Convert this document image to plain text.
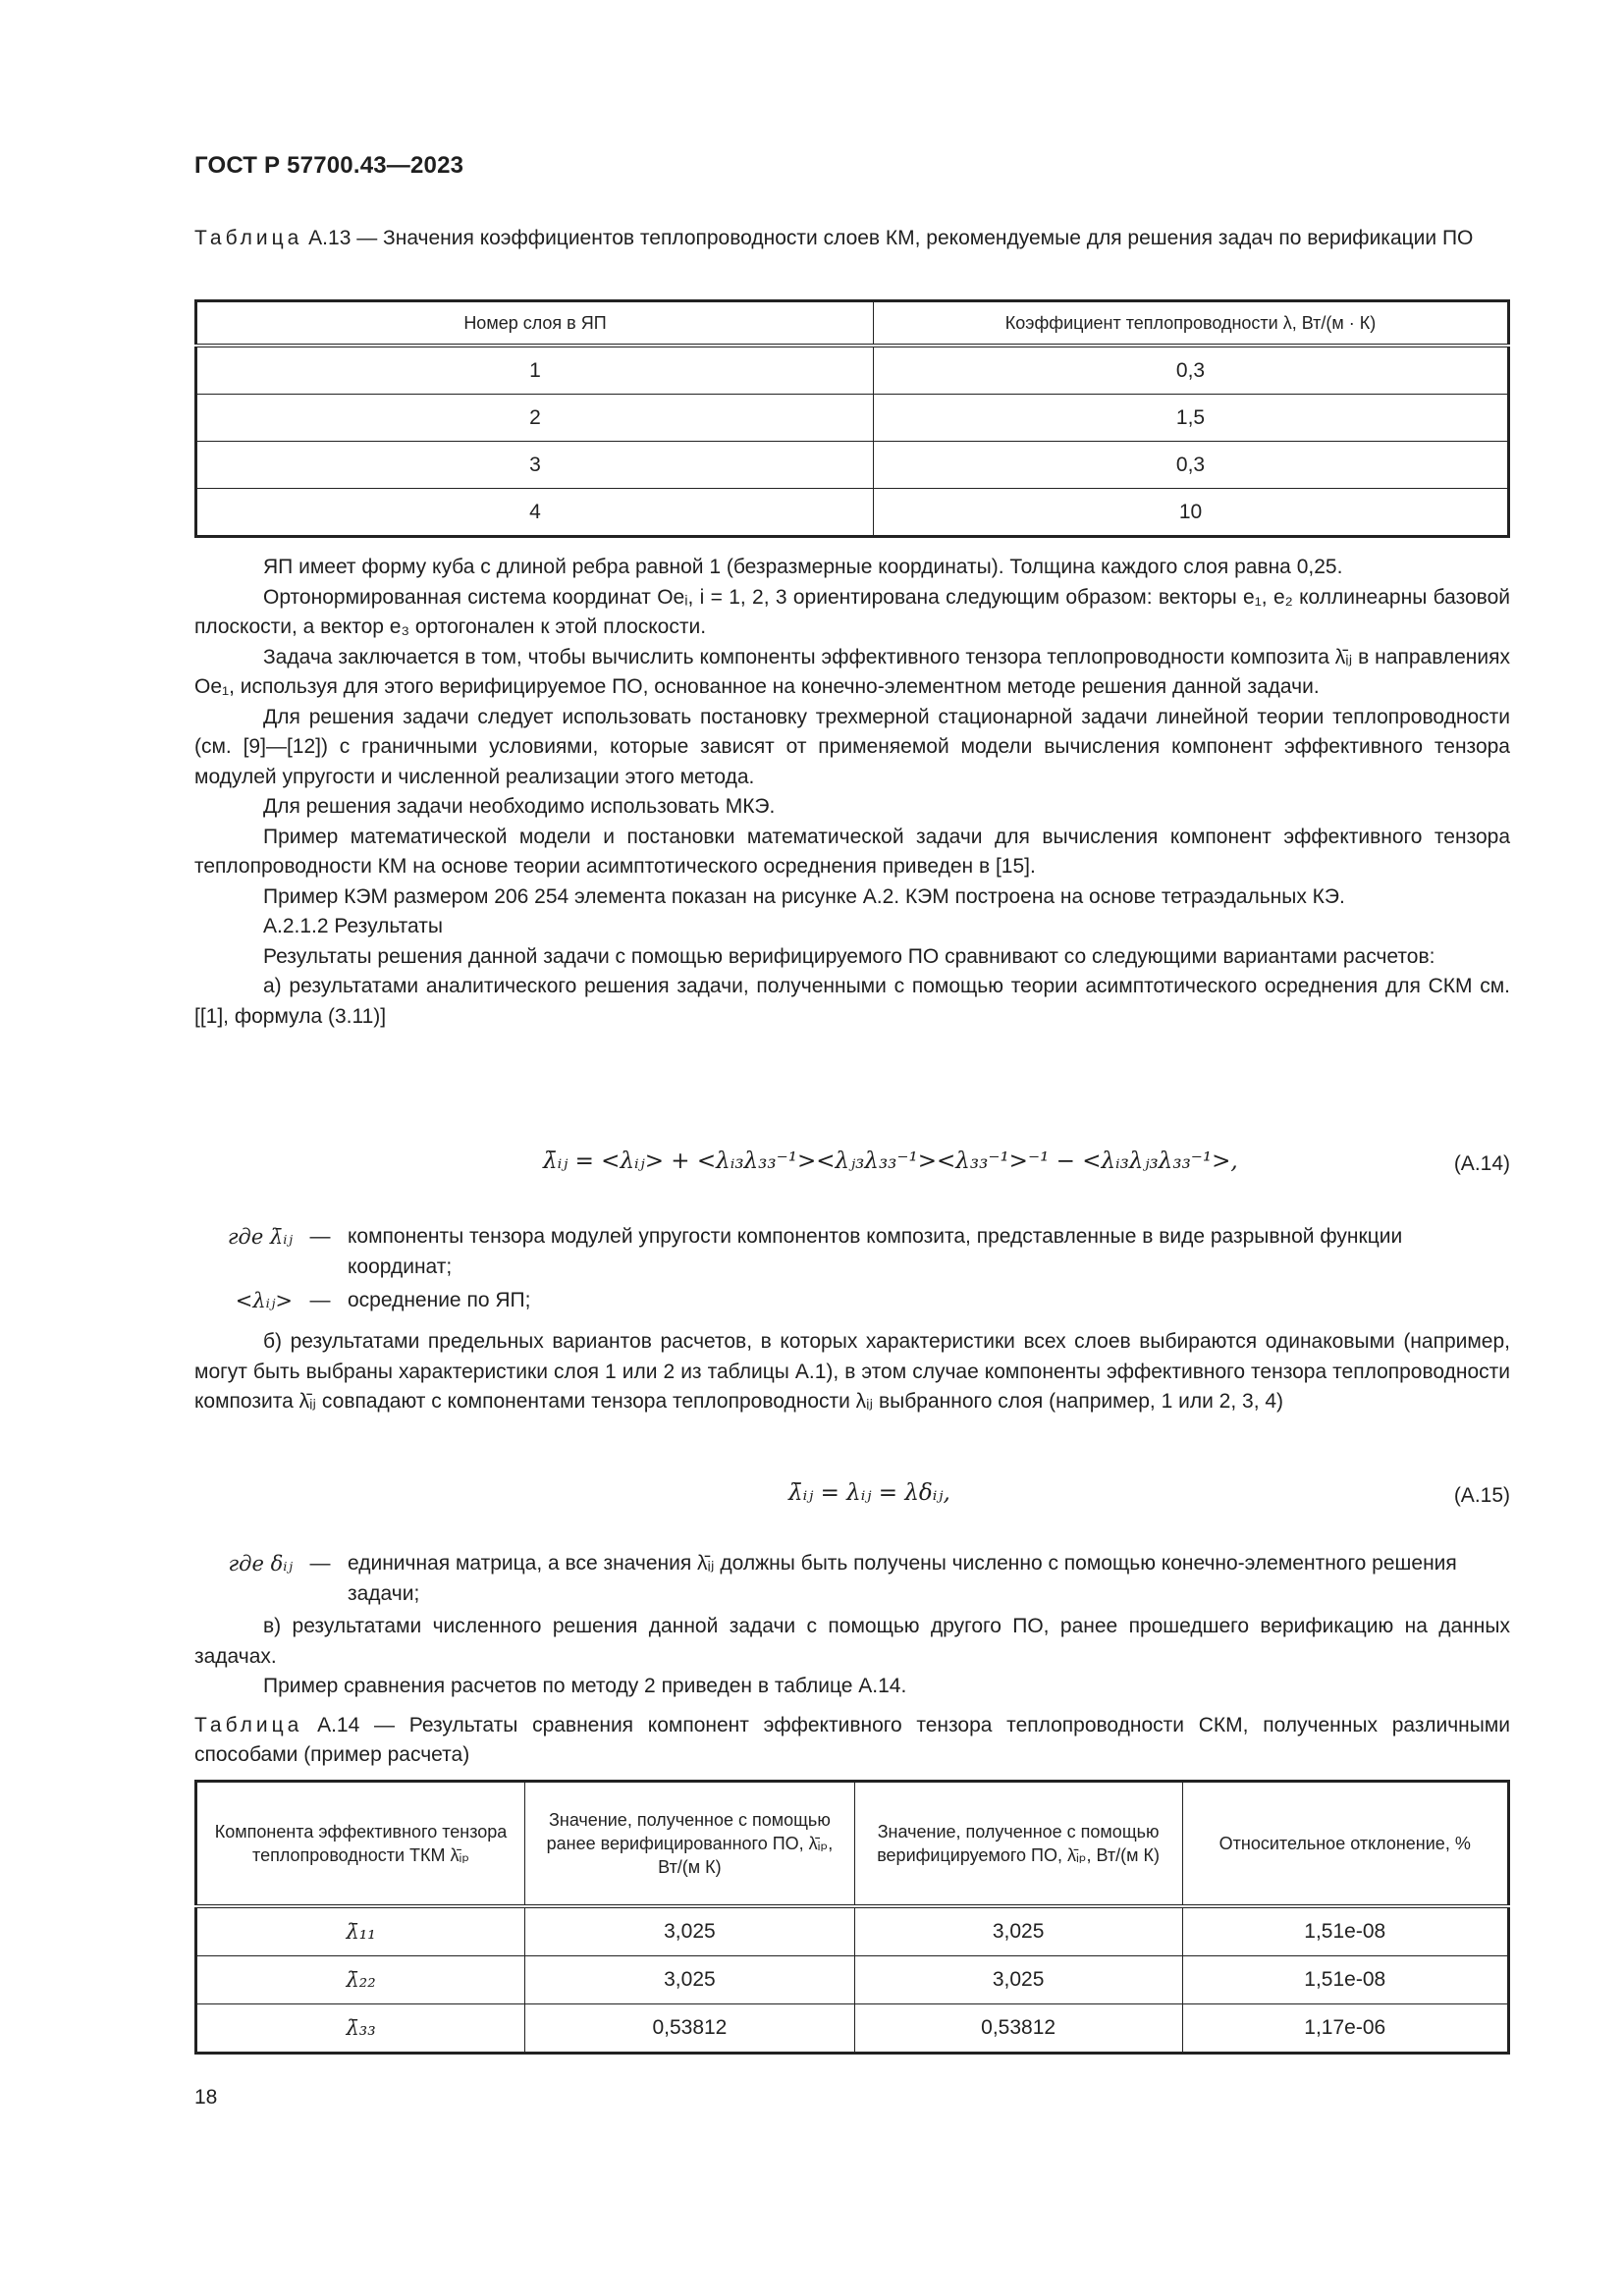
ГОСТ Р 57700.43—2023
Таблица А.13 — Значения коэффициентов теплопроводности слоев КМ, рекомендуемые для решения задач по верификации ПО
Номер слоя в ЯП	Коэффициент теплопроводности λ, Вт/(м · К)
1	0,3
2	1,5
3	0,3
4	10

ЯП имеет форму куба с длиной ребра равной 1 (безразмерные координаты). Толщина каждого слоя равна 0,25.

Ортонормированная система координат Oeᵢ, i = 1, 2, 3 ориентирована следующим образом: векторы e₁, e₂ коллинеарны базовой плоскости, а вектор e₃ ортогонален к этой плоскости.

Задача заключается в том, чтобы вычислить компоненты эффективного тензора теплопроводности композита λ̄ᵢⱼ в направлениях Oe₁, используя для этого верифицируемое ПО, основанное на конечно-элементном методе решения данной задачи.

Для решения задачи следует использовать постановку трехмерной стационарной задачи линейной теории теплопроводности (см. [9]—[12]) с граничными условиями, которые зависят от применяемой модели вычисления компонент эффективного тензора модулей упругости и численной реализации этого метода.

Для решения задачи необходимо использовать МКЭ.

Пример математической модели и постановки математической задачи для вычисления компонент эффективного тензора теплопроводности КМ на основе теории асимптотического осреднения приведен в [15].

Пример КЭМ размером 206 254 элемента показан на рисунке А.2. КЭМ построена на основе тетраэдальных КЭ.

А.2.1.2 Результаты

Результаты решения данной задачи с помощью верифицируемого ПО сравнивают со следующими вариантами расчетов:

а) результатами аналитического решения задачи, полученными с помощью теории асимптотического осреднения для СКМ см. [[1], формула (3.11)]

λ̄ᵢⱼ = <λᵢⱼ> + <λᵢ₃λ₃₃⁻¹><λⱼ₃λ₃₃⁻¹><λ₃₃⁻¹>⁻¹ − <λᵢ₃λⱼ₃λ₃₃⁻¹>,	(А.14)
где λ̄ᵢⱼ — компоненты тензора модулей упругости компонентов композита, представленные в виде разрывной функции координат;
<λᵢⱼ> — осреднение по ЯП;

б) результатами предельных вариантов расчетов, в которых характеристики всех слоев выбираются одинаковыми (например, могут быть выбраны характеристики слоя 1 или 2 из таблицы А.1), в этом случае компоненты эффективного тензора теплопроводности композита λ̄ᵢⱼ совпадают с компонентами тензора теплопроводности λᵢⱼ выбранного слоя (например, 1 или 2, 3, 4)

λ̄ᵢⱼ = λᵢⱼ = λδᵢⱼ,	(А.15)
где δᵢⱼ — единичная матрица, а все значения λ̄ᵢⱼ должны быть получены численно с помощью конечно-элементного решения задачи;

в) результатами численного решения данной задачи с помощью другого ПО, ранее прошедшего верификацию на данных задачах.

Пример сравнения расчетов по методу 2 приведен в таблице А.14.

Таблица А.14 — Результаты сравнения компонент эффективного тензора теплопроводности СКМ, полученных различными способами (пример расчета)
Компонента эффективного тензора теплопроводности ТКМ λ̄ᵢₚ	Значение, полученное с помощью ранее верифицированного ПО, λ̄ᵢₚ, Вт/(м К)	Значение, полученное с помощью верифицируемого ПО, λ̄ᵢₚ, Вт/(м К)	Относительное отклонение, %
λ̄₁₁	3,025	3,025	1,51e-08
λ̄₂₂	3,025	3,025	1,51e-08
λ̄₃₃	0,53812	0,53812	1,17e-06
18
